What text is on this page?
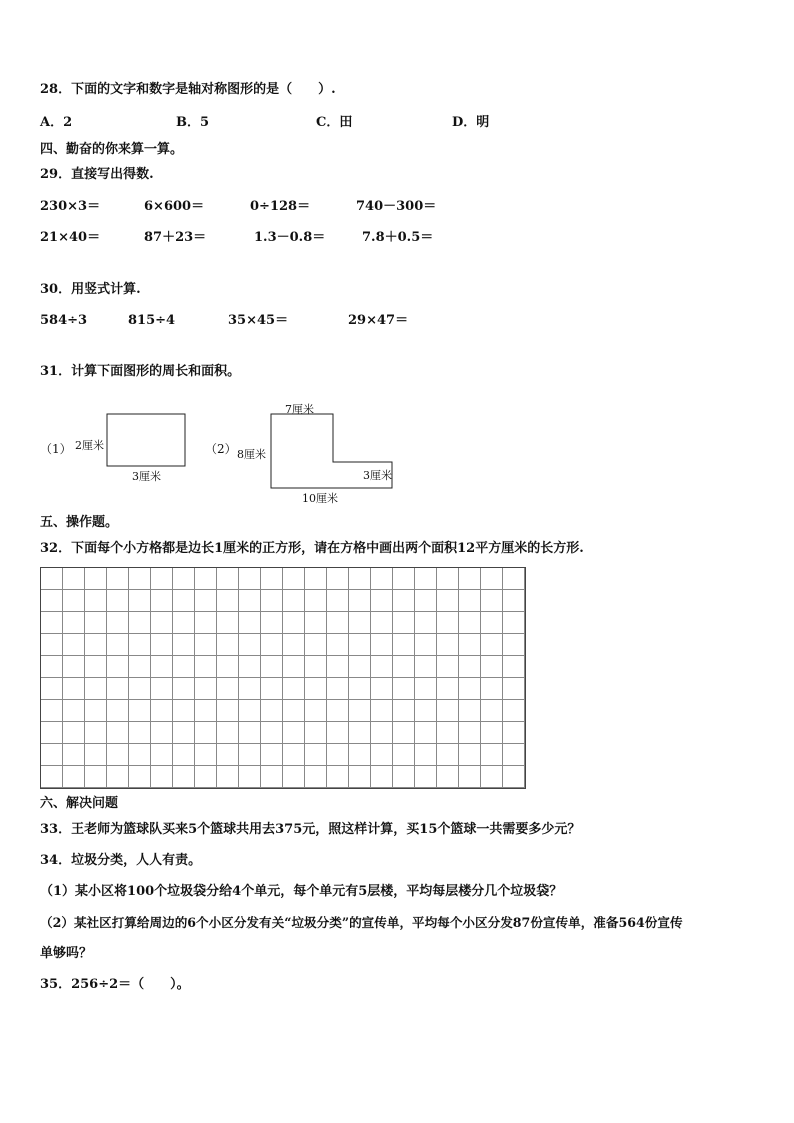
28．下面的文字和数字是轴对称图形的是（　　）.
A．2	B．5	C．田	D．明
四、勤奋的你来算一算。
29．直接写出得数.
230×3＝	6×600＝	0÷128＝	740－300＝
21×40＝	87＋23＝	1.3－0.8＝	7.8＋0.5＝
30．用竖式计算.
584÷3	815÷4	35×45＝	29×47＝
31．计算下面图形的周长和面积。
（1） 2厘米
3厘米
（2）
7厘米
8厘米
3厘米
10厘米
五、操作题。
32．下面每个小方格都是边长1厘米的正方形，请在方格中画出两个面积12平方厘米的长方形.
六、解决问题
33．王老师为篮球队买来5个篮球共用去375元，照这样计算，买15个篮球一共需要多少元？
34．垃圾分类，人人有责。
（1）某小区将100个垃圾袋分给4个单元，每个单元有5层楼，平均每层楼分几个垃圾袋？
（2）某社区打算给周边的6个小区分发有关“垃圾分类”的宣传单，平均每个小区分发87份宣传单，准备564份宣传
单够吗？
35．256÷2＝（　　）。
